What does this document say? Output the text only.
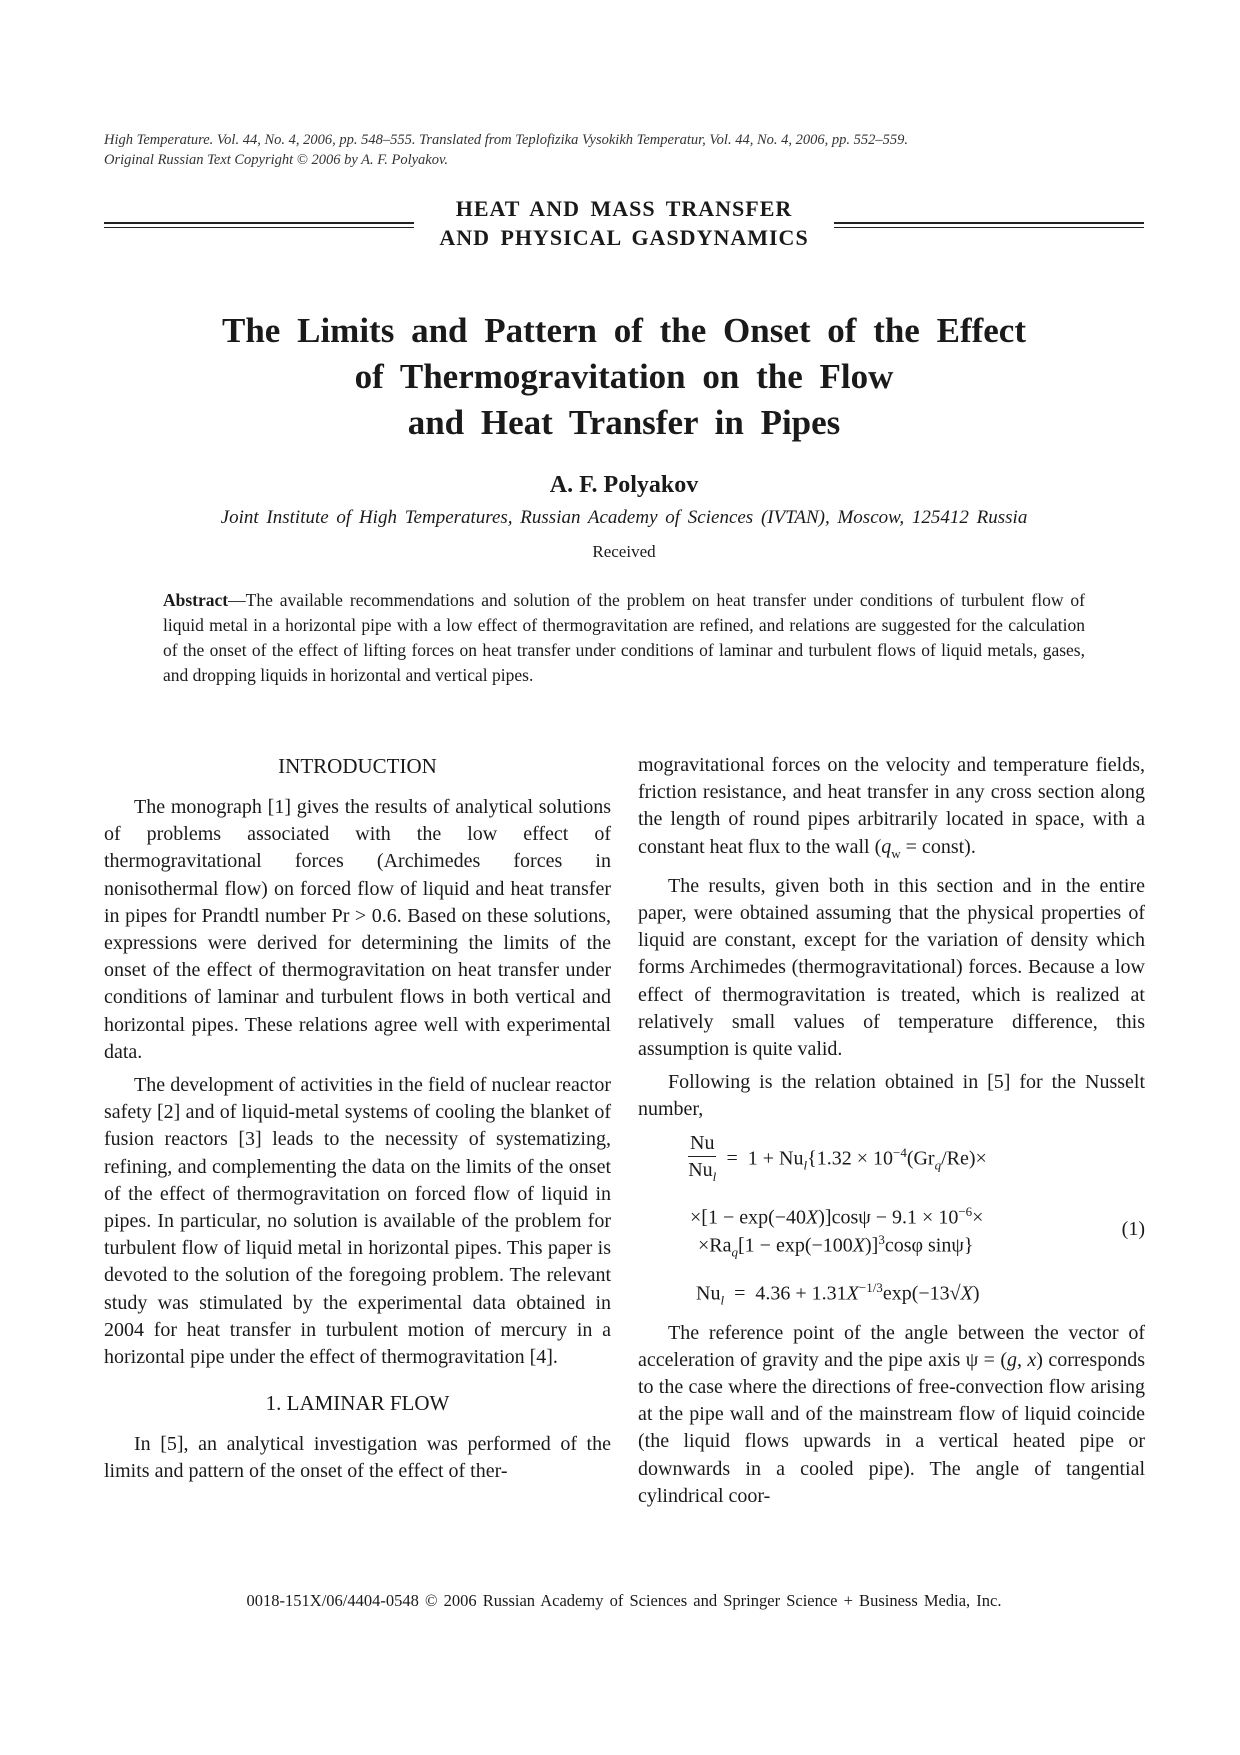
High Temperature. Vol. 44, No. 4, 2006, pp. 548–555. Translated from Teplofizika Vysokikh Temperatur, Vol. 44, No. 4, 2006, pp. 552–559.
Original Russian Text Copyright © 2006 by A. F. Polyakov.
HEAT AND MASS TRANSFER
AND PHYSICAL GASDYNAMICS
The Limits and Pattern of the Onset of the Effect
of Thermogravitation on the Flow
and Heat Transfer in Pipes
A. F. Polyakov
Joint Institute of High Temperatures, Russian Academy of Sciences (IVTAN), Moscow, 125412 Russia
Received
Abstract—The available recommendations and solution of the problem on heat transfer under conditions of turbulent flow of liquid metal in a horizontal pipe with a low effect of thermogravitation are refined, and relations are suggested for the calculation of the onset of the effect of lifting forces on heat transfer under conditions of laminar and turbulent flows of liquid metals, gases, and dropping liquids in horizontal and vertical pipes.
INTRODUCTION

The monograph [1] gives the results of analytical solutions of problems associated with the low effect of thermogravitational forces (Archimedes forces in nonisothermal flow) on forced flow of liquid and heat transfer in pipes for Prandtl number Pr > 0.6. Based on these solutions, expressions were derived for determining the limits of the onset of the effect of thermogravitation on heat transfer under conditions of laminar and turbulent flows in both vertical and horizontal pipes. These relations agree well with experimental data.

The development of activities in the field of nuclear reactor safety [2] and of liquid-metal systems of cooling the blanket of fusion reactors [3] leads to the necessity of systematizing, refining, and complementing the data on the limits of the onset of the effect of thermogravitation on forced flow of liquid in pipes. In particular, no solution is available of the problem for turbulent flow of liquid metal in horizontal pipes. This paper is devoted to the solution of the foregoing problem. The relevant study was stimulated by the experimental data obtained in 2004 for heat transfer in turbulent motion of mercury in a horizontal pipe under the effect of thermogravitation [4].

1. LAMINAR FLOW

In [5], an analytical investigation was performed of the limits and pattern of the onset of the effect of ther-

mogravitational forces on the velocity and temperature fields, friction resistance, and heat transfer in any cross section along the length of round pipes arbitrarily located in space, with a constant heat flux to the wall ($q_w$ = const).

The results, given both in this section and in the entire paper, were obtained assuming that the physical properties of liquid are constant, except for the variation of density which forms Archimedes (thermogravitational) forces. Because a low effect of thermogravitation is treated, which is realized at relatively small values of temperature difference, this assumption is quite valid.

Following is the relation obtained in [5] for the Nusselt number,

$\frac{Nu}{Nu_l} = 1 + Nu_l\{1.32 \times 10^{-4}(Gr_q/Re)\times$
$\times[1 - \exp(-40X)]\cos\psi - 9.1 \times 10^{-6}\times$
$\times Ra_q[1 - \exp(-100X)]^3\cos\varphi$ sinψ}
$Nu_l = 4.36 + 1.31X^{-1/3}\exp(-13√X)$
(1)

The reference point of the angle between the vector of acceleration of gravity and the pipe axis ψ = (g, x) corresponds to the case where the directions of free-convection flow arising at the pipe wall and of the mainstream flow of liquid coincide (the liquid flows upwards in a vertical heated pipe or downwards in a cooled pipe). The angle of tangential cylindrical coor-

0018-151X/06/4404-0548 © 2006 Russian Academy of Sciences and Springer Science + Business Media, Inc.
